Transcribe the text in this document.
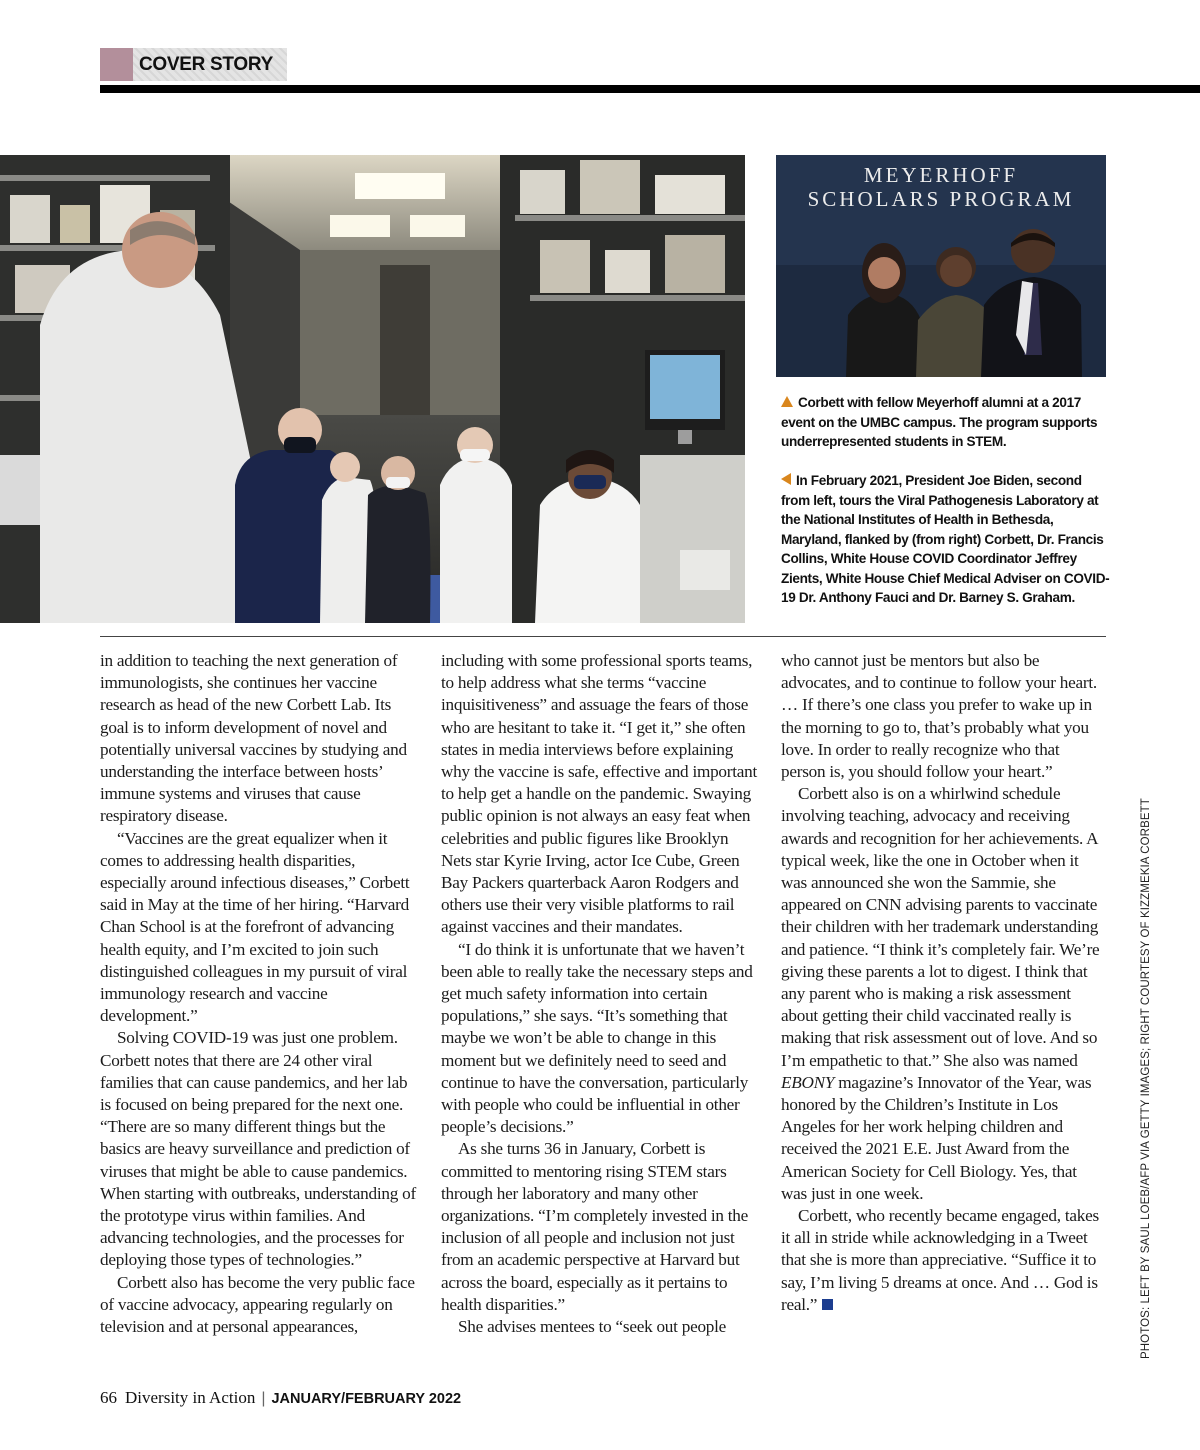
COVER STORY
MEYERHOFF
SCHOLARS PROGRAM
Corbett with fellow Meyerhoff alumni at a 2017 event on the UMBC campus. The program supports underrepresented students in STEM.
In February 2021, President Joe Biden, second from left, tours the Viral Pathogenesis Laboratory at the National Institutes of Health in Bethesda, Maryland, flanked by (from right) Corbett, Dr. Francis Collins, White House COVID Coordinator Jeffrey Zients, White House Chief Medical Adviser on COVID-19 Dr. Anthony Fauci and Dr. Barney S. Graham.

in addition to teaching the next generation of immunologists, she continues her vaccine research as head of the new Corbett Lab. Its goal is to inform development of novel and potentially universal vaccines by studying and understanding the interface between hosts’ immune systems and viruses that cause respiratory disease.

“Vaccines are the great equalizer when it comes to addressing health disparities, especially around infectious diseases,” Corbett said in May at the time of her hiring. “Harvard Chan School is at the forefront of advancing health equity, and I’m excited to join such distinguished colleagues in my pursuit of viral immunology research and vaccine development.”

Solving COVID-19 was just one problem. Corbett notes that there are 24 other viral families that can cause pandemics, and her lab is focused on being prepared for the next one. “There are so many different things but the basics are heavy surveillance and prediction of viruses that might be able to cause pandemics. When starting with outbreaks, understanding of the prototype virus within families. And advancing technologies, and the processes for deploying those types of technologies.”

Corbett also has become the very public face of vaccine advocacy, appearing regularly on television and at personal appearances,

including with some professional sports teams, to help address what she terms “vaccine inquisitiveness” and assuage the fears of those who are hesitant to take it. “I get it,” she often states in media interviews before explaining why the vaccine is safe, effective and important to help get a handle on the pandemic. Swaying public opinion is not always an easy feat when celebrities and public figures like Brooklyn Nets star Kyrie Irving, actor Ice Cube, Green Bay Packers quarterback Aaron Rodgers and others use their very visible platforms to rail against vaccines and their mandates.

“I do think it is unfortunate that we haven’t been able to really take the necessary steps and get much safety information into certain populations,” she says. “It’s something that maybe we won’t be able to change in this moment but we definitely need to seed and continue to have the conversation, particularly with people who could be influential in other people’s decisions.”

As she turns 36 in January, Corbett is committed to mentoring rising STEM stars through her laboratory and many other organizations. “I’m completely invested in the inclusion of all people and inclusion not just from an academic perspective at Harvard but across the board, especially as it pertains to health disparities.”

She advises mentees to “seek out people

who cannot just be mentors but also be advocates, and to continue to follow your heart. … If there’s one class you prefer to wake up in the morning to go to, that’s probably what you love. In order to really recognize who that person is, you should follow your heart.”

Corbett also is on a whirlwind schedule involving teaching, advocacy and receiving awards and recognition for her achievements. A typical week, like the one in October when it was announced she won the Sammie, she appeared on CNN advising parents to vaccinate their children with her trademark understanding and patience. “I think it’s completely fair. We’re giving these parents a lot to digest. I think that any parent who is making a risk assessment about getting their child vaccinated really is making that risk assessment out of love. And so I’m empathetic to that.” She also was named EBONY magazine’s Innovator of the Year, was honored by the Children’s Institute in Los Angeles for her work helping children and received the 2021 E.E. Just Award from the American Society for Cell Biology. Yes, that was just in one week.

Corbett, who recently became engaged, takes it all in stride while acknowledging in a Tweet that she is more than appreciative. “Suffice it to say, I’m living 5 dreams at once. And … God is real.”	PHOTOS: LEFT BY SAUL LOEB/AFP VIA GETTY IMAGES; RIGHT COURTESY OF KIZZMEKIA CORBETT
66 Diversity in Action | JANUARY/FEBRUARY 2022
